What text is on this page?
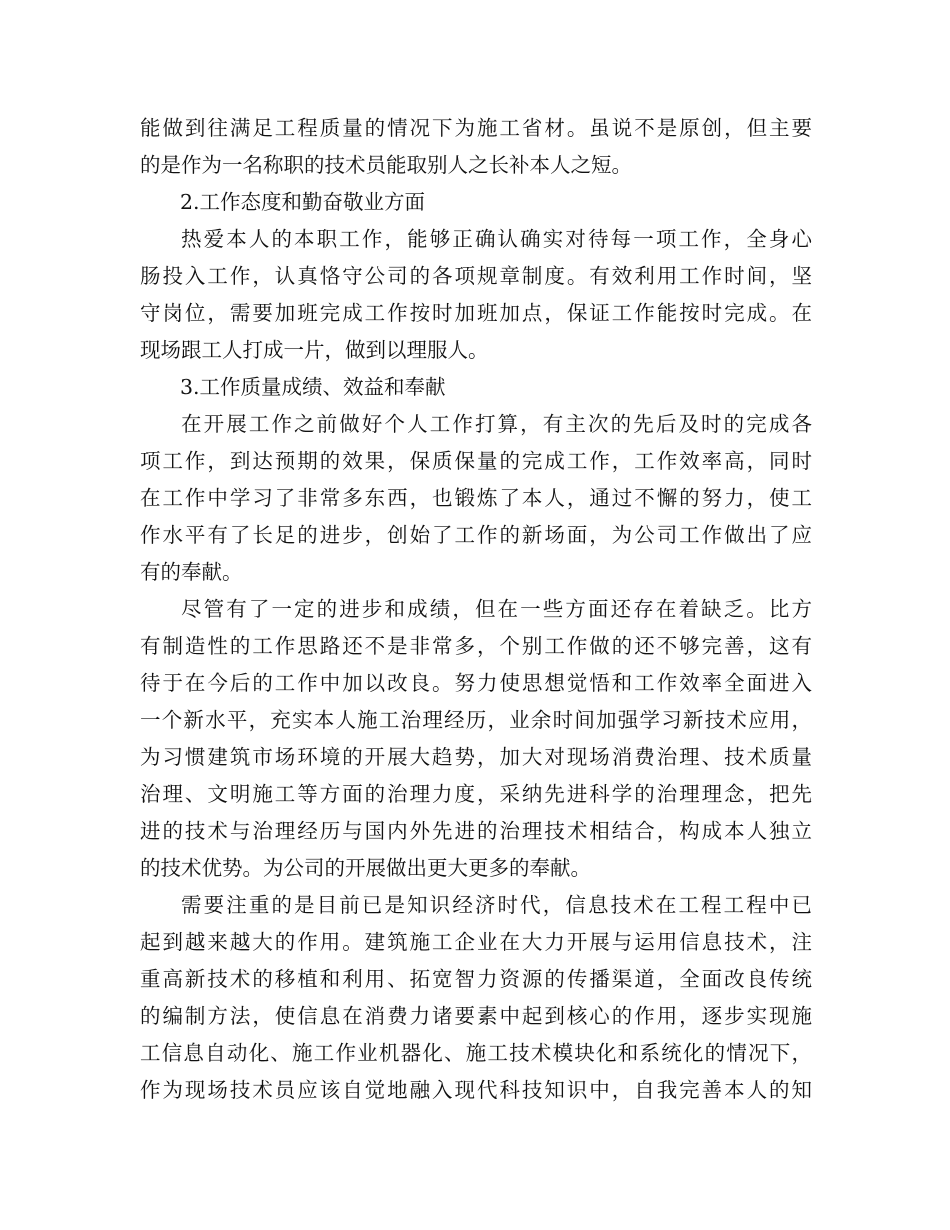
能做到往满足工程质量的情况下为施工省材。虽说不是原创，但主要
的是作为一名称职的技术员能取别人之长补本人之短。
2.工作态度和勤奋敬业方面
热爱本人的本职工作，能够正确认确实对待每一项工作，全身心
肠投入工作，认真恪守公司的各项规章制度。有效利用工作时间，坚
守岗位，需要加班完成工作按时加班加点，保证工作能按时完成。在
现场跟工人打成一片，做到以理服人。
3.工作质量成绩、效益和奉献
在开展工作之前做好个人工作打算，有主次的先后及时的完成各
项工作，到达预期的效果，保质保量的完成工作，工作效率高，同时
在工作中学习了非常多东西，也锻炼了本人，通过不懈的努力，使工
作水平有了长足的进步，创始了工作的新场面，为公司工作做出了应
有的奉献。
尽管有了一定的进步和成绩，但在一些方面还存在着缺乏。比方
有制造性的工作思路还不是非常多，个别工作做的还不够完善，这有
待于在今后的工作中加以改良。努力使思想觉悟和工作效率全面进入
一个新水平，充实本人施工治理经历，业余时间加强学习新技术应用，
为习惯建筑市场环境的开展大趋势，加大对现场消费治理、技术质量
治理、文明施工等方面的治理力度，采纳先进科学的治理理念，把先
进的技术与治理经历与国内外先进的治理技术相结合，构成本人独立
的技术优势。为公司的开展做出更大更多的奉献。
需要注重的是目前已是知识经济时代，信息技术在工程工程中已
起到越来越大的作用。建筑施工企业在大力开展与运用信息技术，注
重高新技术的移植和利用、拓宽智力资源的传播渠道，全面改良传统
的编制方法，使信息在消费力诸要素中起到核心的作用，逐步实现施
工信息自动化、施工作业机器化、施工技术模块化和系统化的情况下，
作为现场技术员应该自觉地融入现代科技知识中，自我完善本人的知
